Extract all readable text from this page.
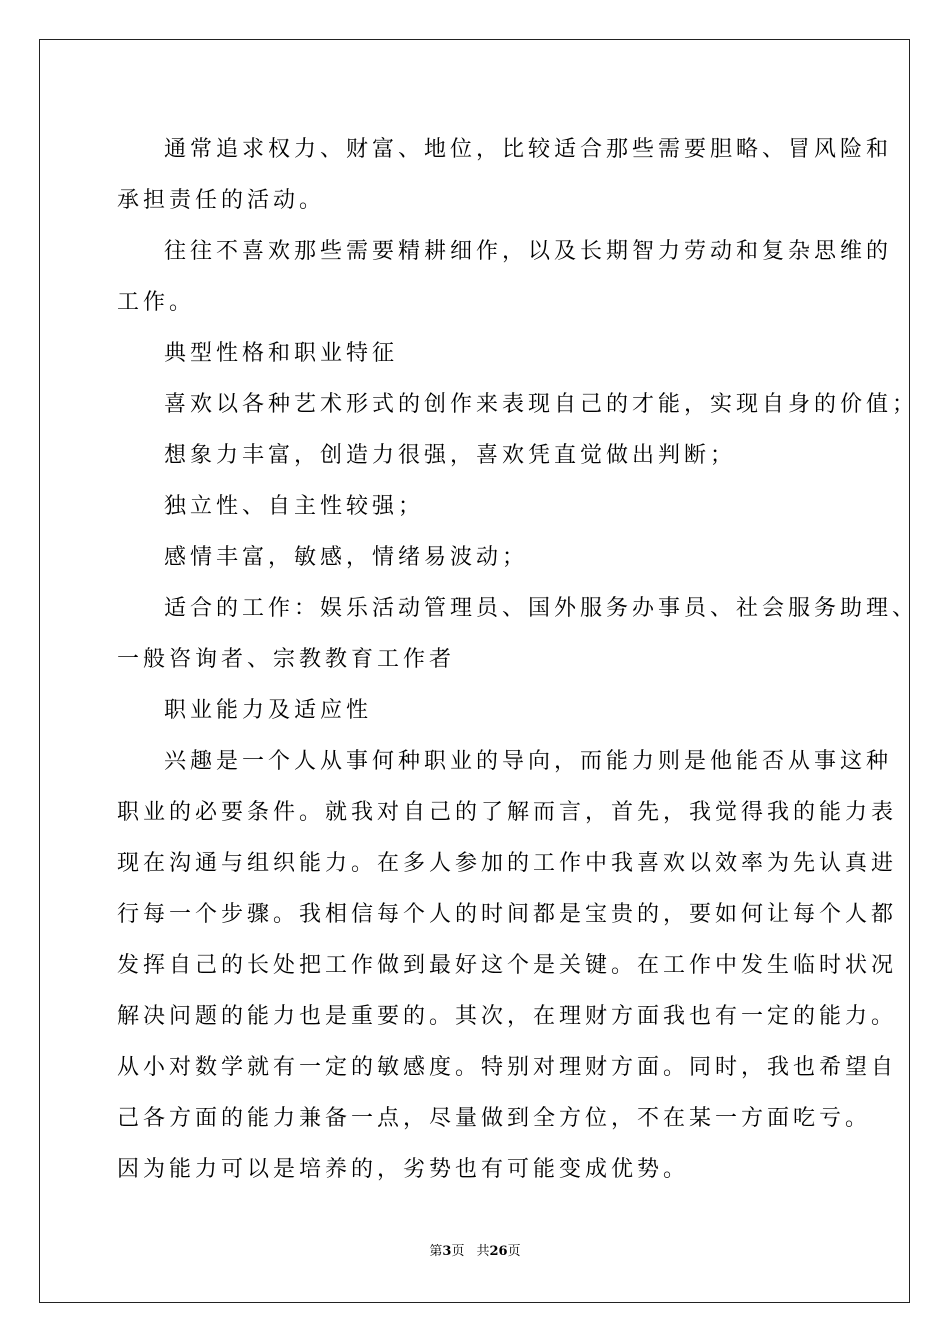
通常追求权力、财富、地位，比较适合那些需要胆略、冒风险和
承担责任的活动。
往往不喜欢那些需要精耕细作，以及长期智力劳动和复杂思维的
工作。
典型性格和职业特征
喜欢以各种艺术形式的创作来表现自己的才能，实现自身的价值；
想象力丰富，创造力很强，喜欢凭直觉做出判断；
独立性、自主性较强；
感情丰富，敏感，情绪易波动；
适合的工作：娱乐活动管理员、国外服务办事员、社会服务助理、
一般咨询者、宗教教育工作者
职业能力及适应性
兴趣是一个人从事何种职业的导向，而能力则是他能否从事这种
职业的必要条件。就我对自己的了解而言，首先，我觉得我的能力表
现在沟通与组织能力。在多人参加的工作中我喜欢以效率为先认真进
行每一个步骤。我相信每个人的时间都是宝贵的，要如何让每个人都
发挥自己的长处把工作做到最好这个是关键。在工作中发生临时状况
解决问题的能力也是重要的。其次，在理财方面我也有一定的能力。
从小对数学就有一定的敏感度。特别对理财方面。同时，我也希望自
己各方面的能力兼备一点，尽量做到全方位，不在某一方面吃亏。
因为能力可以是培养的，劣势也有可能变成优势。
第3页 共26页
